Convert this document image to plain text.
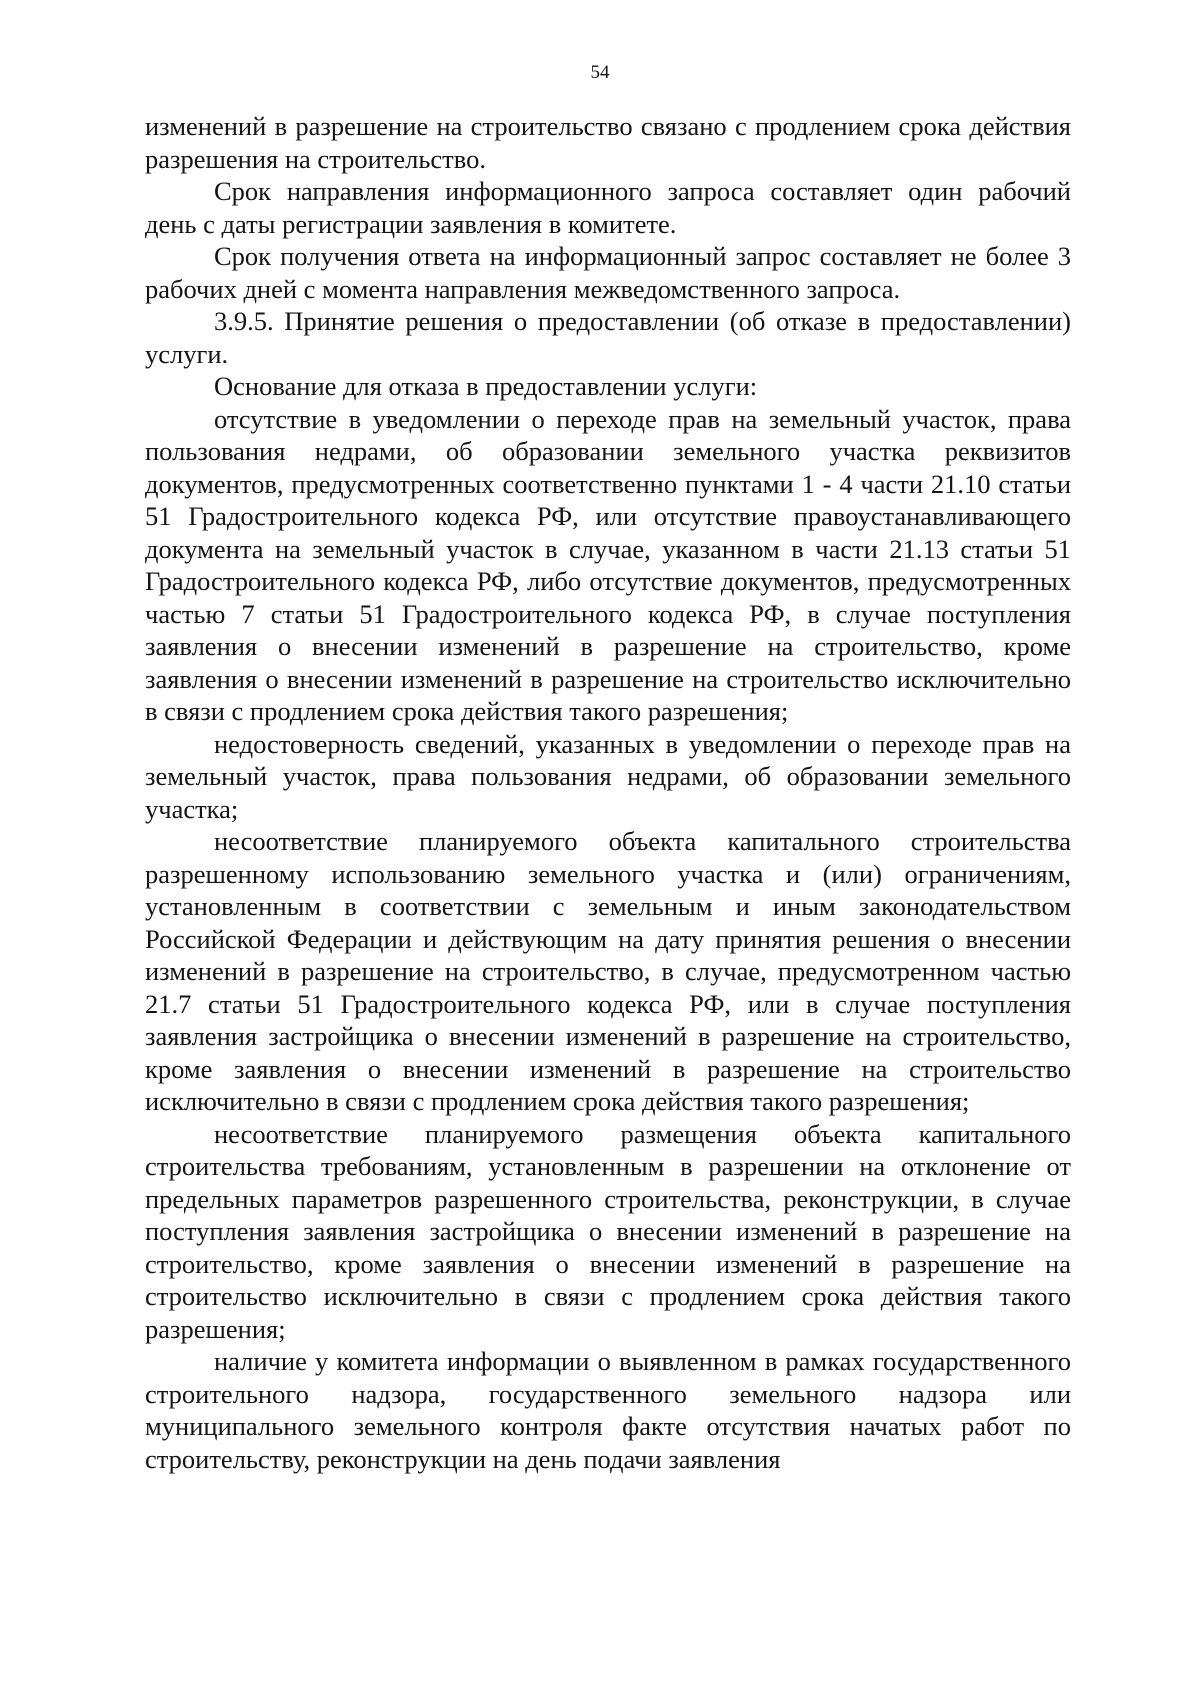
54

изменений в разрешение на строительство связано с продлением срока действия разрешения на строительство.

Срок направления информационного запроса составляет один рабочий день с даты регистрации заявления в комитете.

Срок получения ответа на информационный запрос составляет не более 3 рабочих дней с момента направления межведомственного запроса.

3.9.5. Принятие решения о предоставлении (об отказе в предоставлении) услуги.

Основание для отказа в предоставлении услуги:

отсутствие в уведомлении о переходе прав на земельный участок, права пользования недрами, об образовании земельного участка реквизитов документов, предусмотренных соответственно пунктами 1 - 4 части 21.10 статьи 51 Градостроительного кодекса РФ, или отсутствие правоустанавливающего документа на земельный участок в случае, указанном в части 21.13 статьи 51 Градостроительного кодекса РФ, либо отсутствие документов, предусмотренных частью 7 статьи 51 Градостроительного кодекса РФ, в случае поступления заявления о внесении изменений в разрешение на строительство, кроме заявления о внесении изменений в разрешение на строительство исключительно в связи с продлением срока действия такого разрешения;

недостоверность сведений, указанных в уведомлении о переходе прав на земельный участок, права пользования недрами, об образовании земельного участка;

несоответствие планируемого объекта капитального строительства разрешенному использованию земельного участка и (или) ограничениям, установленным в соответствии с земельным и иным законодательством Российской Федерации и действующим на дату принятия решения о внесении изменений в разрешение на строительство, в случае, предусмотренном частью 21.7 статьи 51 Градостроительного кодекса РФ, или в случае поступления заявления застройщика о внесении изменений в разрешение на строительство, кроме заявления о внесении изменений в разрешение на строительство исключительно в связи с продлением срока действия такого разрешения;

несоответствие планируемого размещения объекта капитального строительства требованиям, установленным в разрешении на отклонение от предельных параметров разрешенного строительства, реконструкции, в случае поступления заявления застройщика о внесении изменений в разрешение на строительство, кроме заявления о внесении изменений в разрешение на строительство исключительно в связи с продлением срока действия такого разрешения;

наличие у комитета информации о выявленном в рамках государственного строительного надзора, государственного земельного надзора или муниципального земельного контроля факте отсутствия начатых работ по строительству, реконструкции на день подачи заявления
